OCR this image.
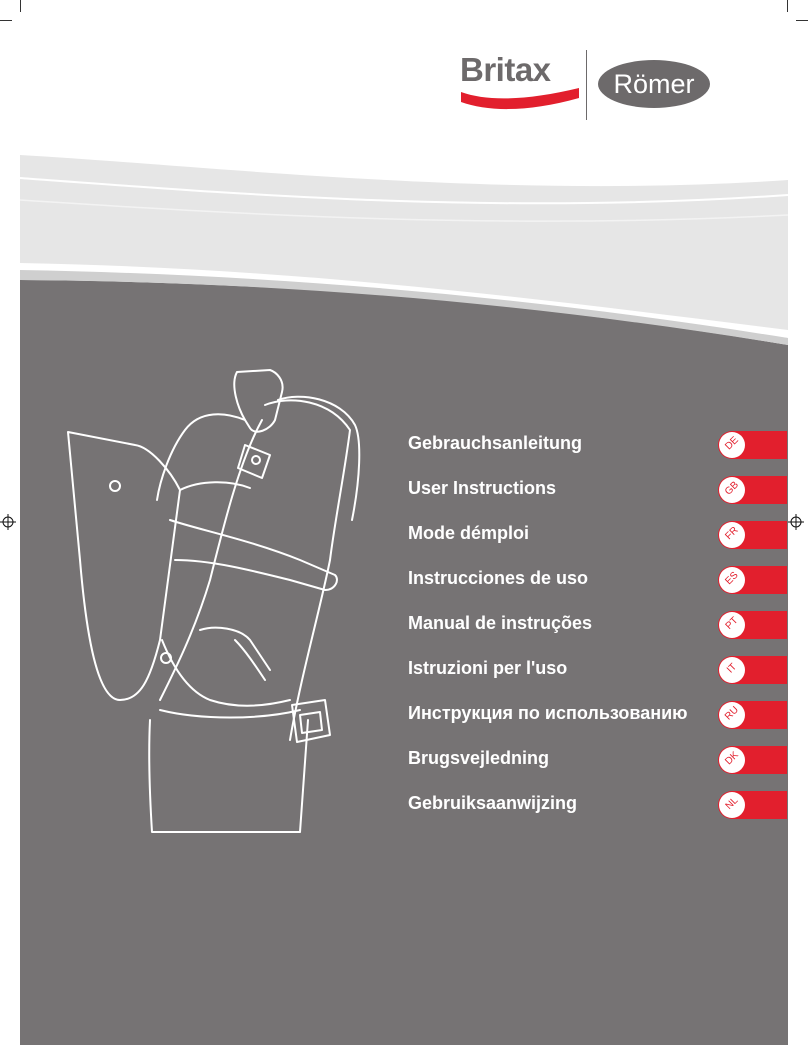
Britax	Römer
Gebrauchsanleitung	DE
User Instructions	GB
Mode démploi	FR
Instrucciones de uso	ES
Manual de instruções	PT
Istruzioni per l'uso	IT
Инструкция по использованию	RU
Brugsvejledning	DK
Gebruiksaanwijzing	NL
